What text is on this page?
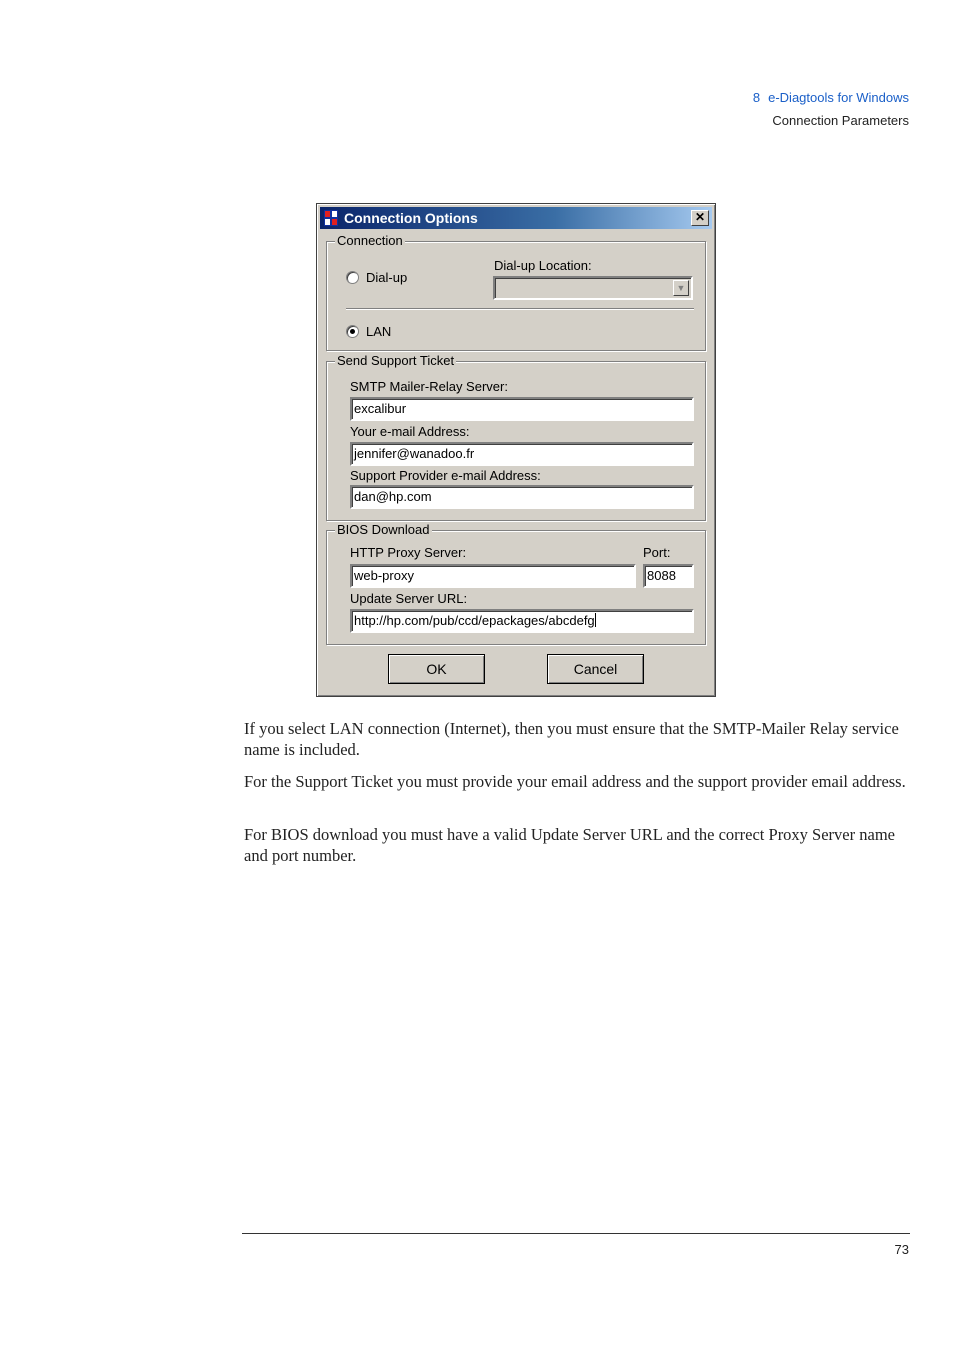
8 e-Diagtools for Windows
Connection Parameters
Connection Options	✕
Connection
Dial-up
Dial-up Location:
▼
LAN
Send Support Ticket
SMTP Mailer-Relay Server:
excalibur
Your e-mail Address:
jennifer@wanadoo.fr
Support Provider e-mail Address:
dan@hp.com
BIOS Download
HTTP Proxy Server:
web-proxy
Port:
8088
Update Server URL:
http://hp.com/pub/ccd/epackages/abcdefg
OK	Cancel

If you select LAN connection (Internet), then you must ensure that the SMTP-Mailer Relay service name is included.

For the Support Ticket you must provide your email address and the support provider email address.

For BIOS download you must have a valid Update Server URL and the correct Proxy Server name and port number.

73
